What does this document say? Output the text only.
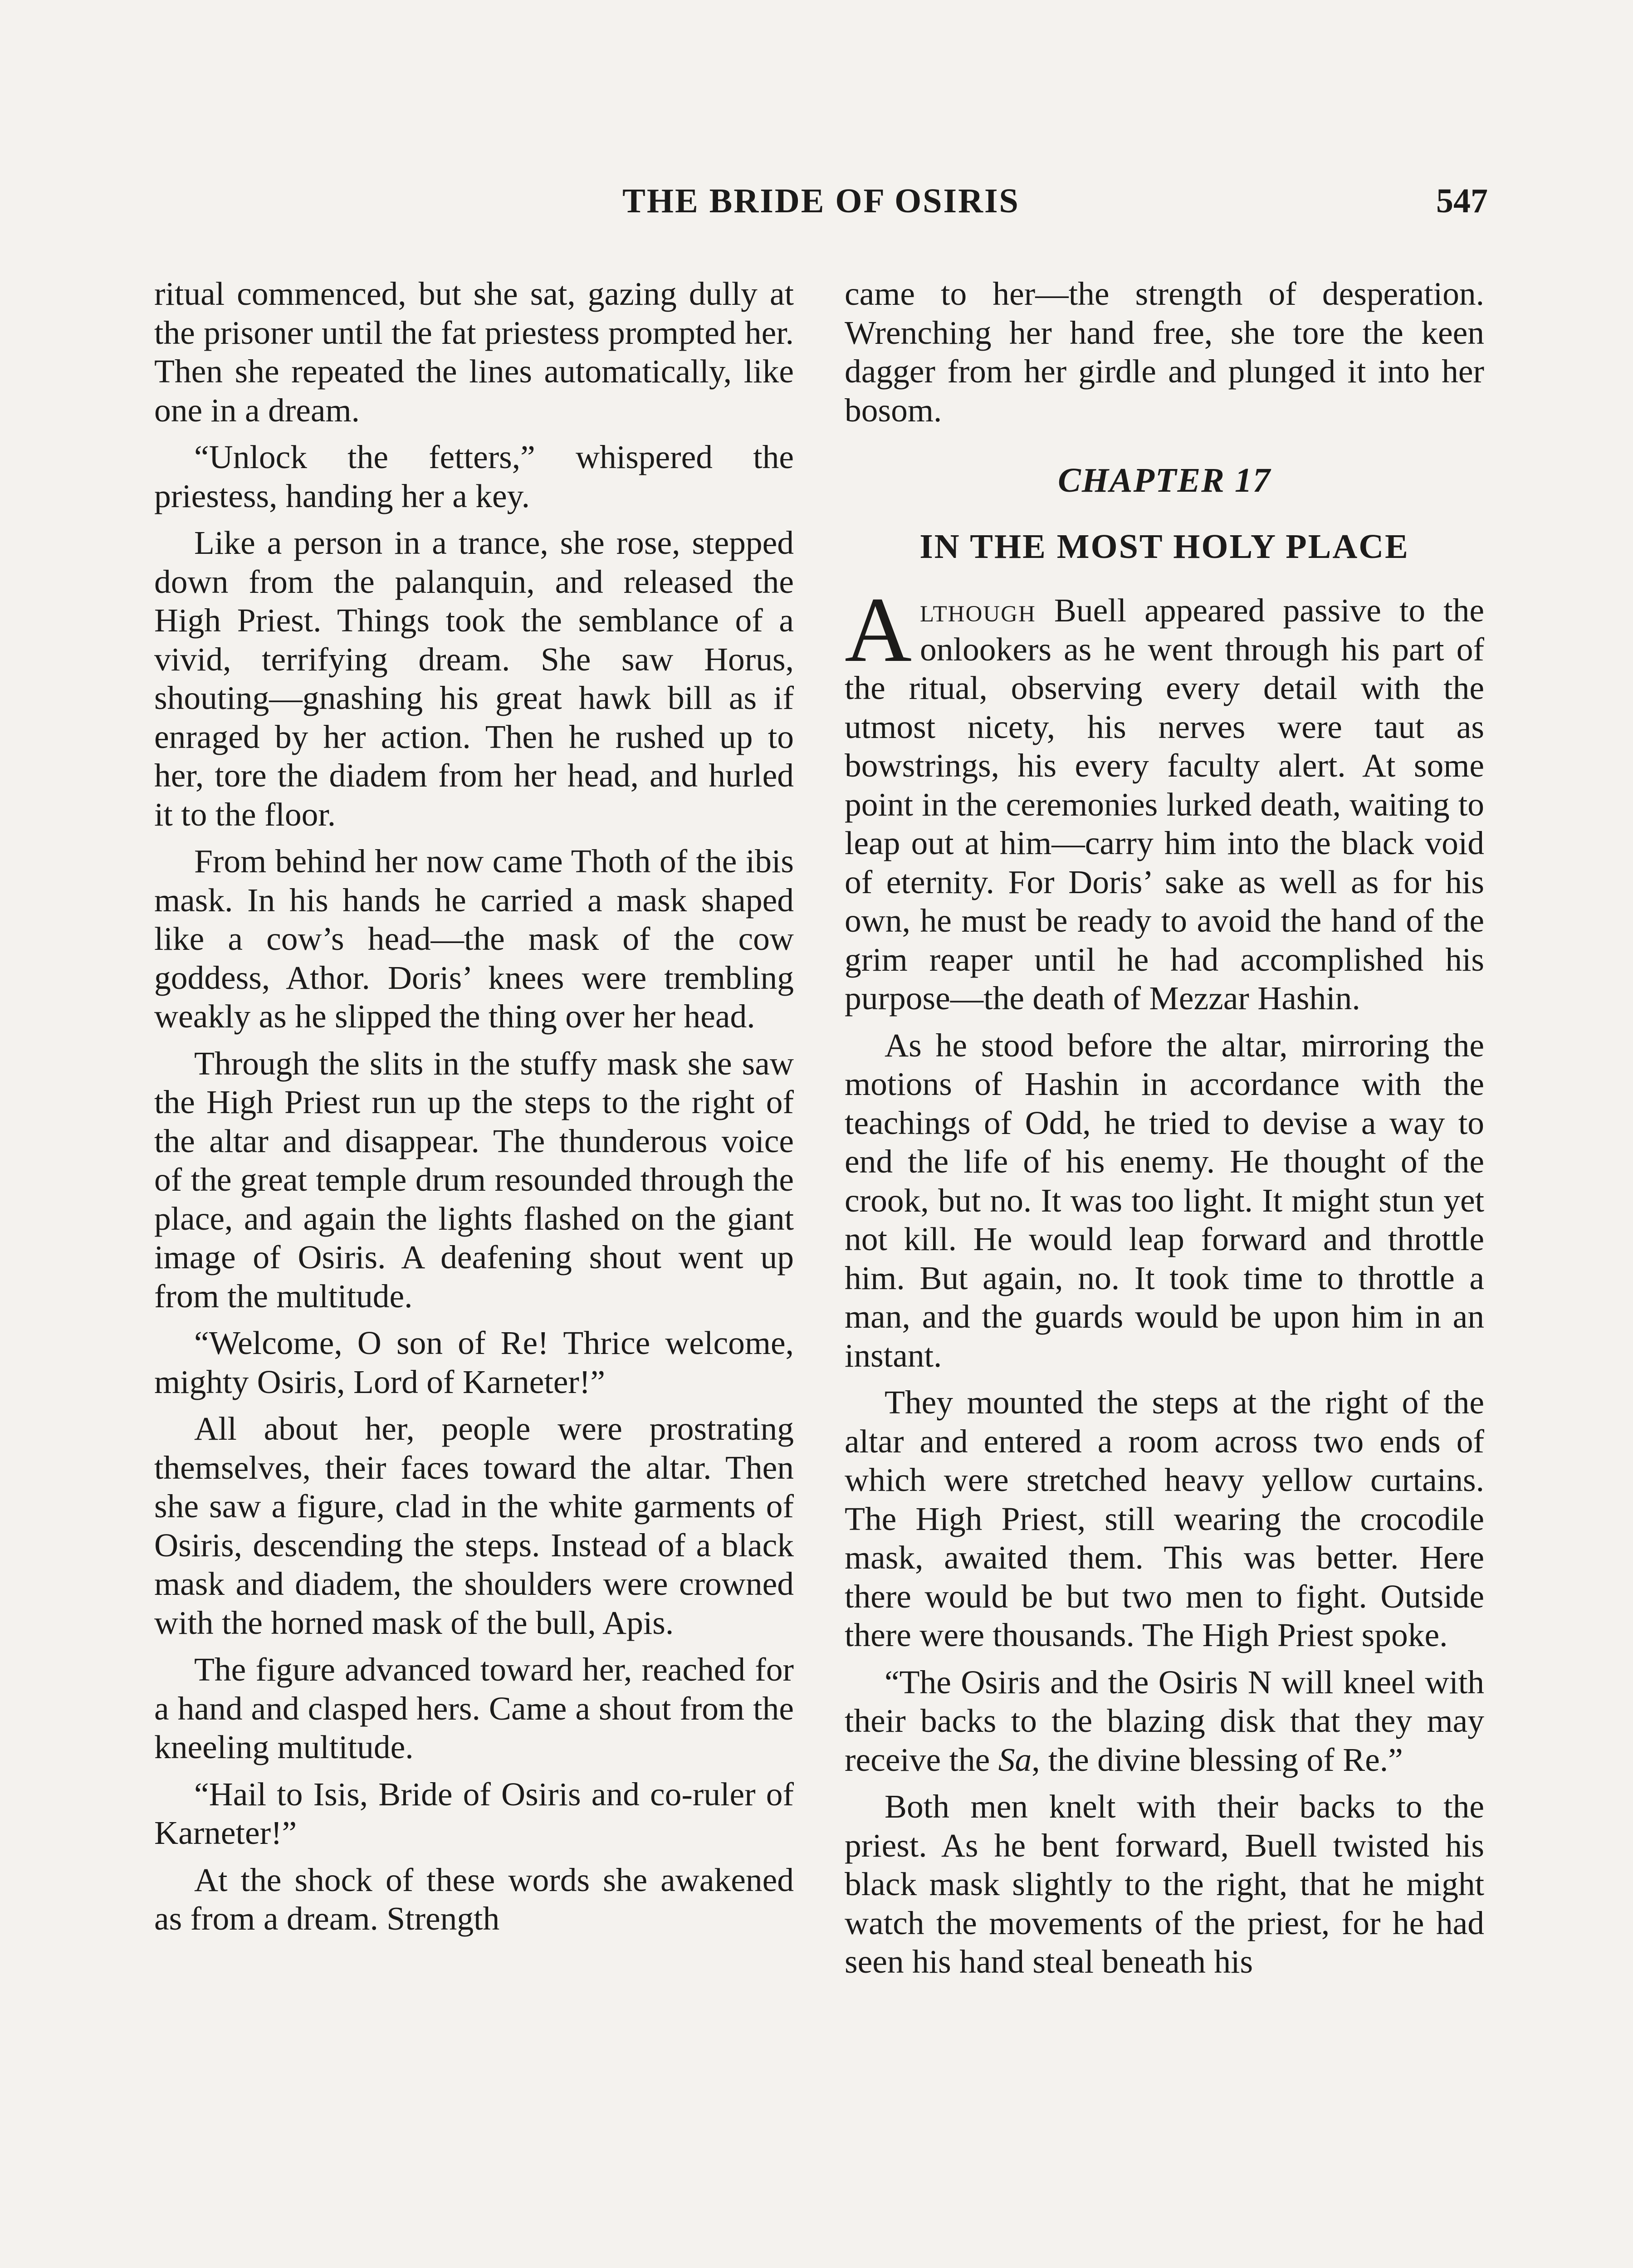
THE BRIDE OF OSIRIS	547

ritual commenced, but she sat, gazing dully at the prisoner until the fat priestess prompted her. Then she repeated the lines automatically, like one in a dream.

“Unlock the fetters,” whispered the priestess, handing her a key.

Like a person in a trance, she rose, stepped down from the palanquin, and released the High Priest. Things took the semblance of a vivid, terrifying dream. She saw Horus, shouting—gnashing his great hawk bill as if enraged by her action. Then he rushed up to her, tore the diadem from her head, and hurled it to the floor.

From behind her now came Thoth of the ibis mask. In his hands he carried a mask shaped like a cow’s head—the mask of the cow goddess, Athor. Doris’ knees were trembling weakly as he slipped the thing over her head.

Through the slits in the stuffy mask she saw the High Priest run up the steps to the right of the altar and disappear. The thunderous voice of the great temple drum resounded through the place, and again the lights flashed on the giant image of Osiris. A deafening shout went up from the multitude.

“Welcome, O son of Re! Thrice welcome, mighty Osiris, Lord of Karneter!”

All about her, people were prostrating themselves, their faces toward the altar. Then she saw a figure, clad in the white garments of Osiris, descending the steps. Instead of a black mask and diadem, the shoulders were crowned with the horned mask of the bull, Apis.

The figure advanced toward her, reached for a hand and clasped hers. Came a shout from the kneeling multitude.

“Hail to Isis, Bride of Osiris and co-ruler of Karneter!”

At the shock of these words she awakened as from a dream. Strength

came to her—the strength of desperation. Wrenching her hand free, she tore the keen dagger from her girdle and plunged it into her bosom.

CHAPTER 17
IN THE MOST HOLY PLACE

Although Buell appeared passive to the onlookers as he went through his part of the ritual, observing every detail with the utmost nicety, his nerves were taut as bowstrings, his every faculty alert. At some point in the ceremonies lurked death, waiting to leap out at him—carry him into the black void of eternity. For Doris’ sake as well as for his own, he must be ready to avoid the hand of the grim reaper until he had accomplished his purpose—the death of Mezzar Hashin.

As he stood before the altar, mirroring the motions of Hashin in accordance with the teachings of Odd, he tried to devise a way to end the life of his enemy. He thought of the crook, but no. It was too light. It might stun yet not kill. He would leap forward and throttle him. But again, no. It took time to throttle a man, and the guards would be upon him in an instant.

They mounted the steps at the right of the altar and entered a room across two ends of which were stretched heavy yellow curtains. The High Priest, still wearing the crocodile mask, awaited them. This was better. Here there would be but two men to fight. Outside there were thousands. The High Priest spoke.

“The Osiris and the Osiris N will kneel with their backs to the blazing disk that they may receive the Sa, the divine blessing of Re.”

Both men knelt with their backs to the priest. As he bent forward, Buell twisted his black mask slightly to the right, that he might watch the movements of the priest, for he had seen his hand steal beneath his
